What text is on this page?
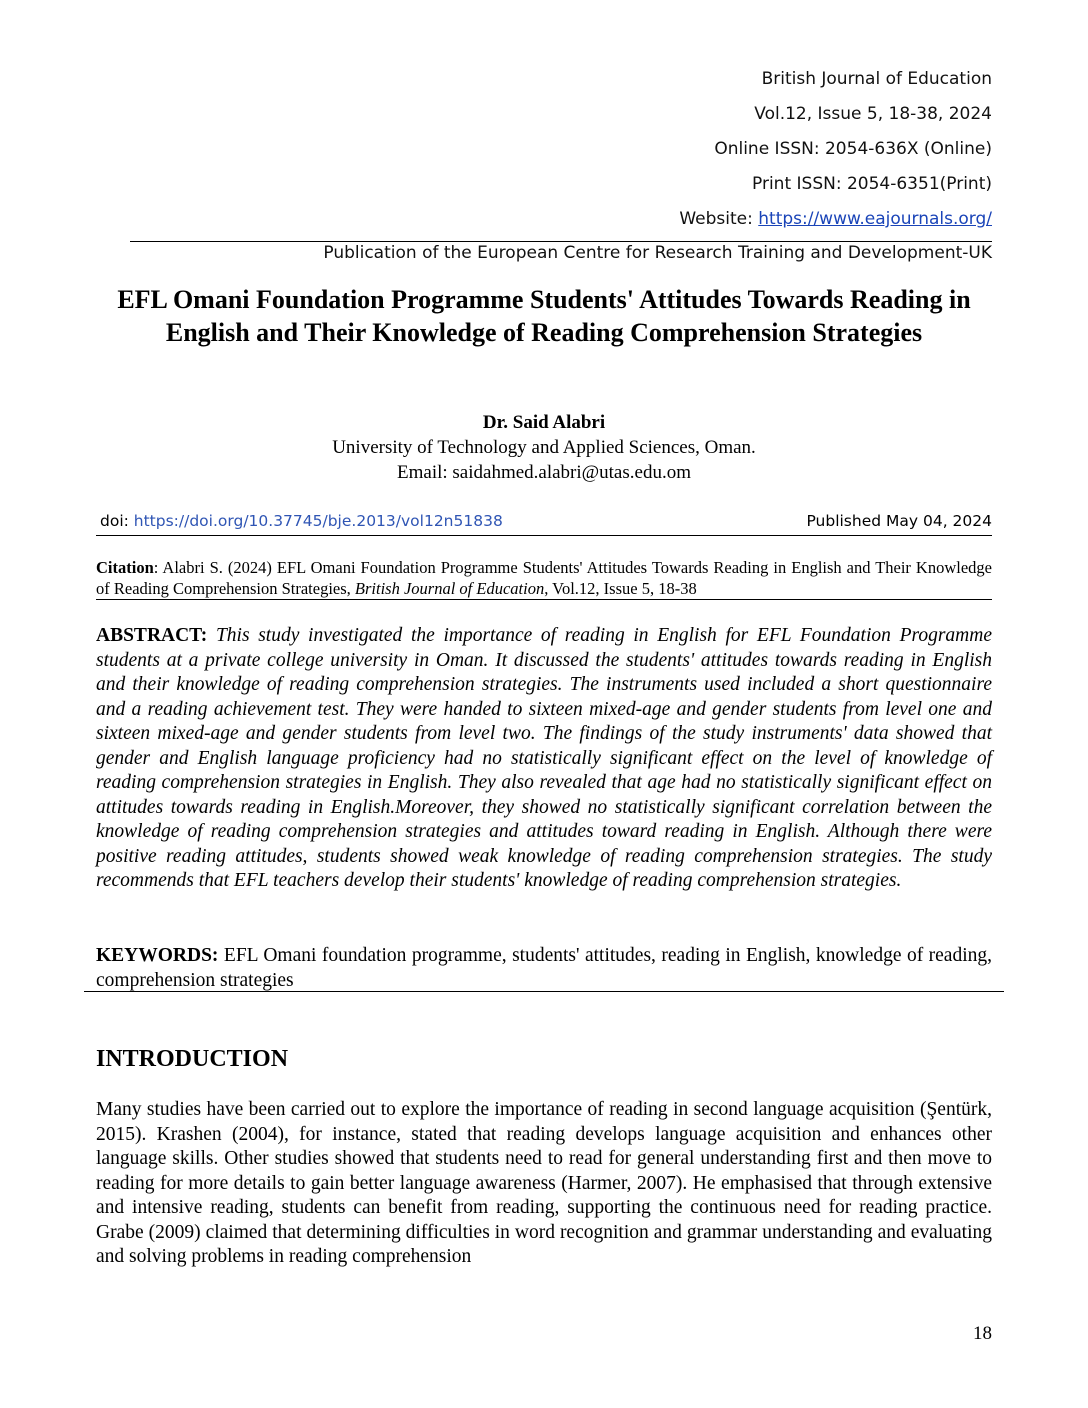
British Journal of Education
Vol.12, Issue 5, 18-38, 2024
Online ISSN: 2054-636X (Online)
Print ISSN: 2054-6351(Print)
Website: https://www.eajournals.org/
Publication of the European Centre for Research Training and Development-UK
EFL Omani Foundation Programme Students' Attitudes Towards Reading in English and Their Knowledge of Reading Comprehension Strategies
Dr. Said Alabri
University of Technology and Applied Sciences, Oman.
Email: saidahmed.alabri@utas.edu.om
doi: https://doi.org/10.37745/bje.2013/vol12n51838	Published May 04, 2024
Citation: Alabri S. (2024) EFL Omani Foundation Programme Students' Attitudes Towards Reading in English and Their Knowledge of Reading Comprehension Strategies, British Journal of Education, Vol.12, Issue 5, 18-38

ABSTRACT: This study investigated the importance of reading in English for EFL Foundation Programme students at a private college university in Oman. It discussed the students' attitudes towards reading in English and their knowledge of reading comprehension strategies. The instruments used included a short questionnaire and a reading achievement test. They were handed to sixteen mixed-age and gender students from level one and sixteen mixed-age and gender students from level two. The findings of the study instruments' data showed that gender and English language proficiency had no statistically significant effect on the level of knowledge of reading comprehension strategies in English. They also revealed that age had no statistically significant effect on attitudes towards reading in English.Moreover, they showed no statistically significant correlation between the knowledge of reading comprehension strategies and attitudes toward reading in English. Although there were positive reading attitudes, students showed weak knowledge of reading comprehension strategies. The study recommends that EFL teachers develop their students' knowledge of reading comprehension strategies.

KEYWORDS: EFL Omani foundation programme, students' attitudes, reading in English, knowledge of reading, comprehension strategies

INTRODUCTION

Many studies have been carried out to explore the importance of reading in second language acquisition (Şentürk, 2015). Krashen (2004), for instance, stated that reading develops language acquisition and enhances other language skills. Other studies showed that students need to read for general understanding first and then move to reading for more details to gain better language awareness (Harmer, 2007). He emphasised that through extensive and intensive reading, students can benefit from reading, supporting the continuous need for reading practice. Grabe (2009) claimed that determining difficulties in word recognition and grammar understanding and evaluating and solving problems in reading comprehension

18
